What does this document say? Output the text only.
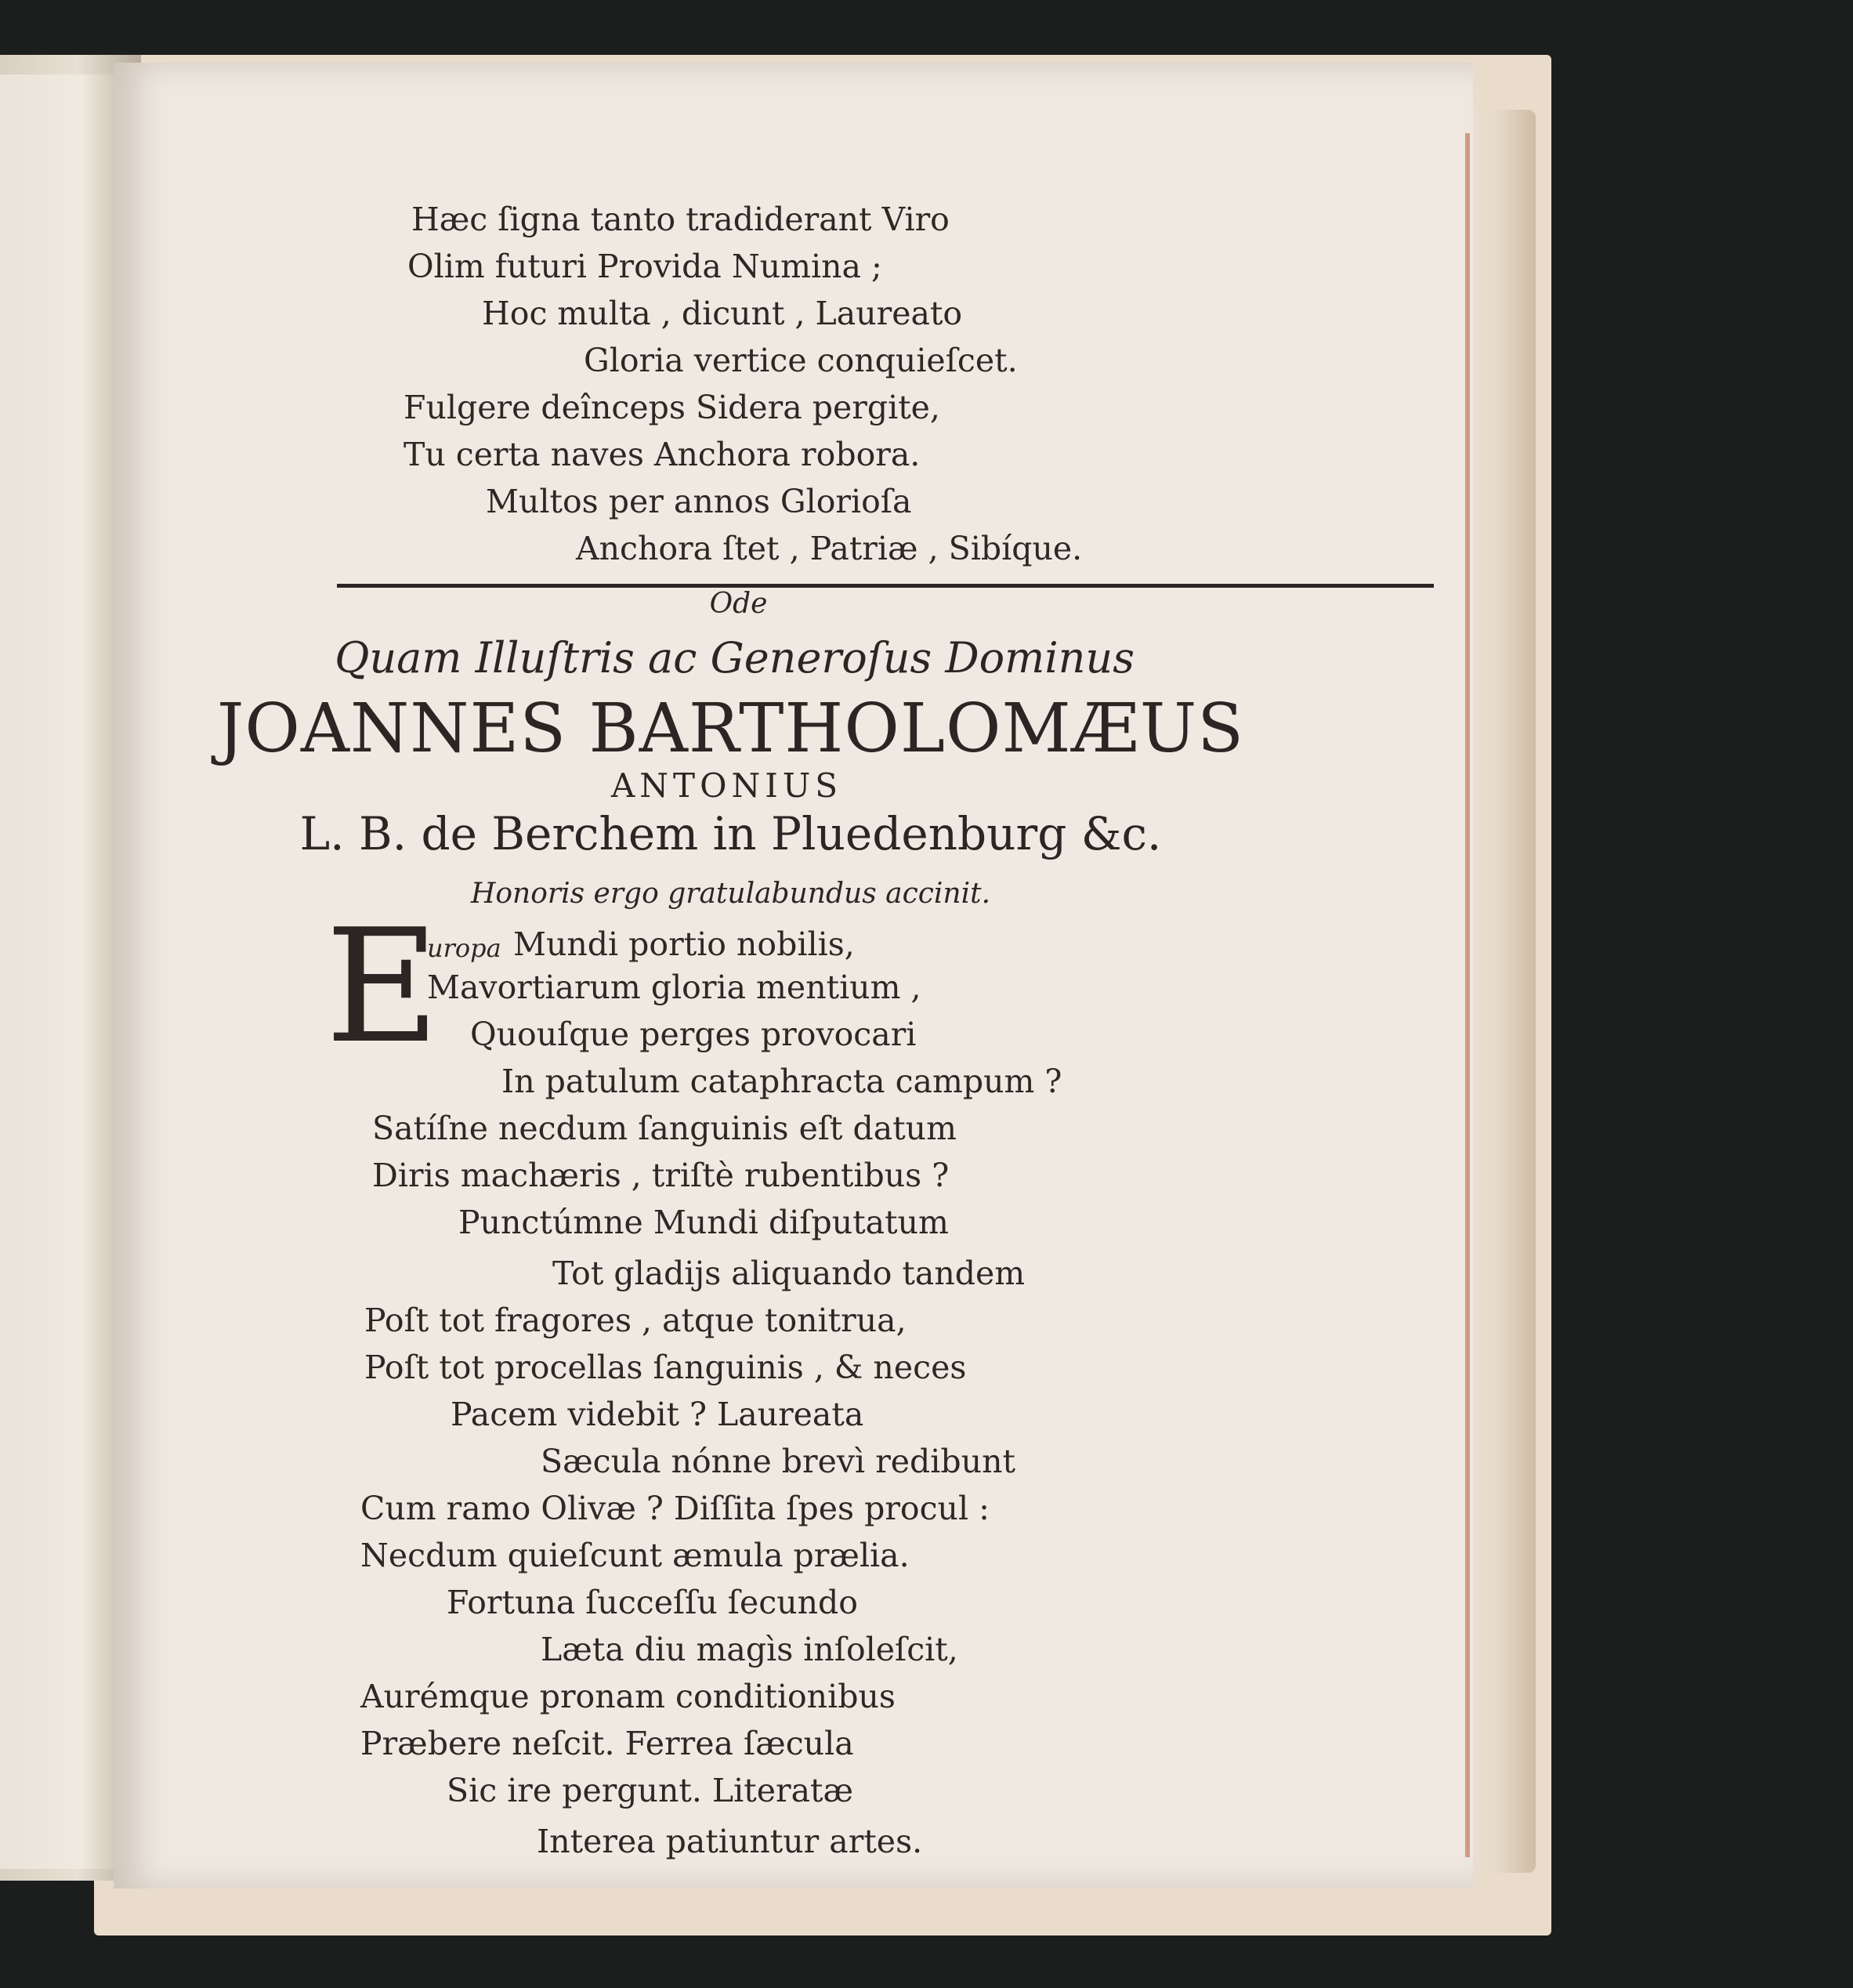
Hæc ſigna tanto tradiderant Viro
Olim futuri Provida Numina ;
Hoc multa , dicunt , Laureato
Gloria vertice conquieſcet.
Fulgere deînceps Sidera pergite,
Tu certa naves Anchora robora.
Multos per annos Glorioſa
Anchora ſtet , Patriæ , Sibíque.
Ode
Quam Illuſtris ac Generoſus Dominus
JOANNES BARTHOLOMÆUS
ANTONIUS
L. B. de Berchem in Pluedenburg &c.
Honoris ergo gratulabundus accinit.
E
uropa Mundi portio nobilis,
Mavortiarum gloria mentium ,
Quouſque perges provocari
In patulum cataphracta campum ?
Satíſne necdum ſanguinis eſt datum
Diris machæris , triſtè rubentibus ?
Punctúmne Mundi diſputatum
Tot gladijs aliquando tandem
Poſt tot fragores , atque tonitrua,
Poſt tot procellas ſanguinis , & neces
Pacem videbit ? Laureata
Sæcula nónne brevì redibunt
Cum ramo Olivæ ? Diſſita ſpes procul :
Necdum quieſcunt æmula prælia.
Fortuna ſucceſſu ſecundo
Læta diu magìs inſoleſcit,
Aurémque pronam conditionibus
Præbere neſcit. Ferrea ſæcula
Sic ire pergunt. Literatæ
Interea patiuntur artes.
